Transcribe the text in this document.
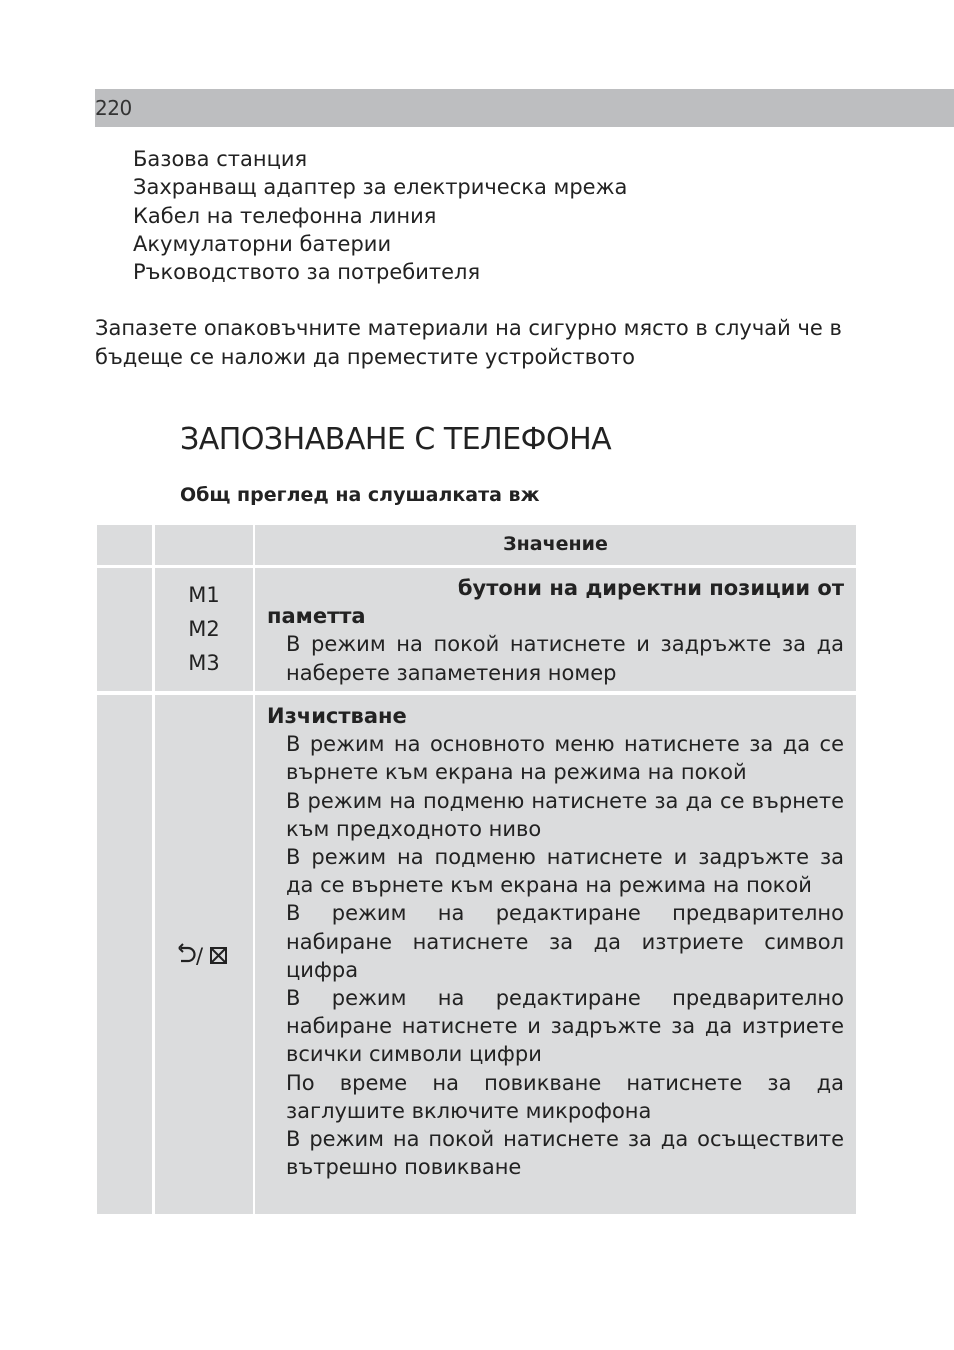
220
Базова станция
Захранващ адаптер за електрическа мрежа
Кабел на телефонна линия
Акумулаторни батерии
Ръководството за потребителя

Запазете опаковъчните материали на сигурно място в случай че в бъдеще се наложи да преместите устройството

ЗАПОЗНАВАНЕ С ТЕЛЕФОНА
Общ преглед на слушалката вж
Значение
M1
M2
M3
бутони на директни позиции от
паметта

В режим на покой натиснете и задръжте за да наберете запаметения номер

/
Изчистване

В режим на основното меню натиснете за да се върнете към екрана на режима на покой

В режим на подменю натиснете за да се върнете към предходното ниво

В режим на подменю натиснете и задръжте за да се върнете към екрана на режима на покой

В режим на редактиране предварително набиране натиснете за да изтриете символ цифра

В режим на редактиране предварително набиране натиснете и задръжте за да изтриете всички символи цифри

По време на повикване натиснете за да заглушите включите микрофона

В режим на покой натиснете за да осъществите вътрешно повикване
